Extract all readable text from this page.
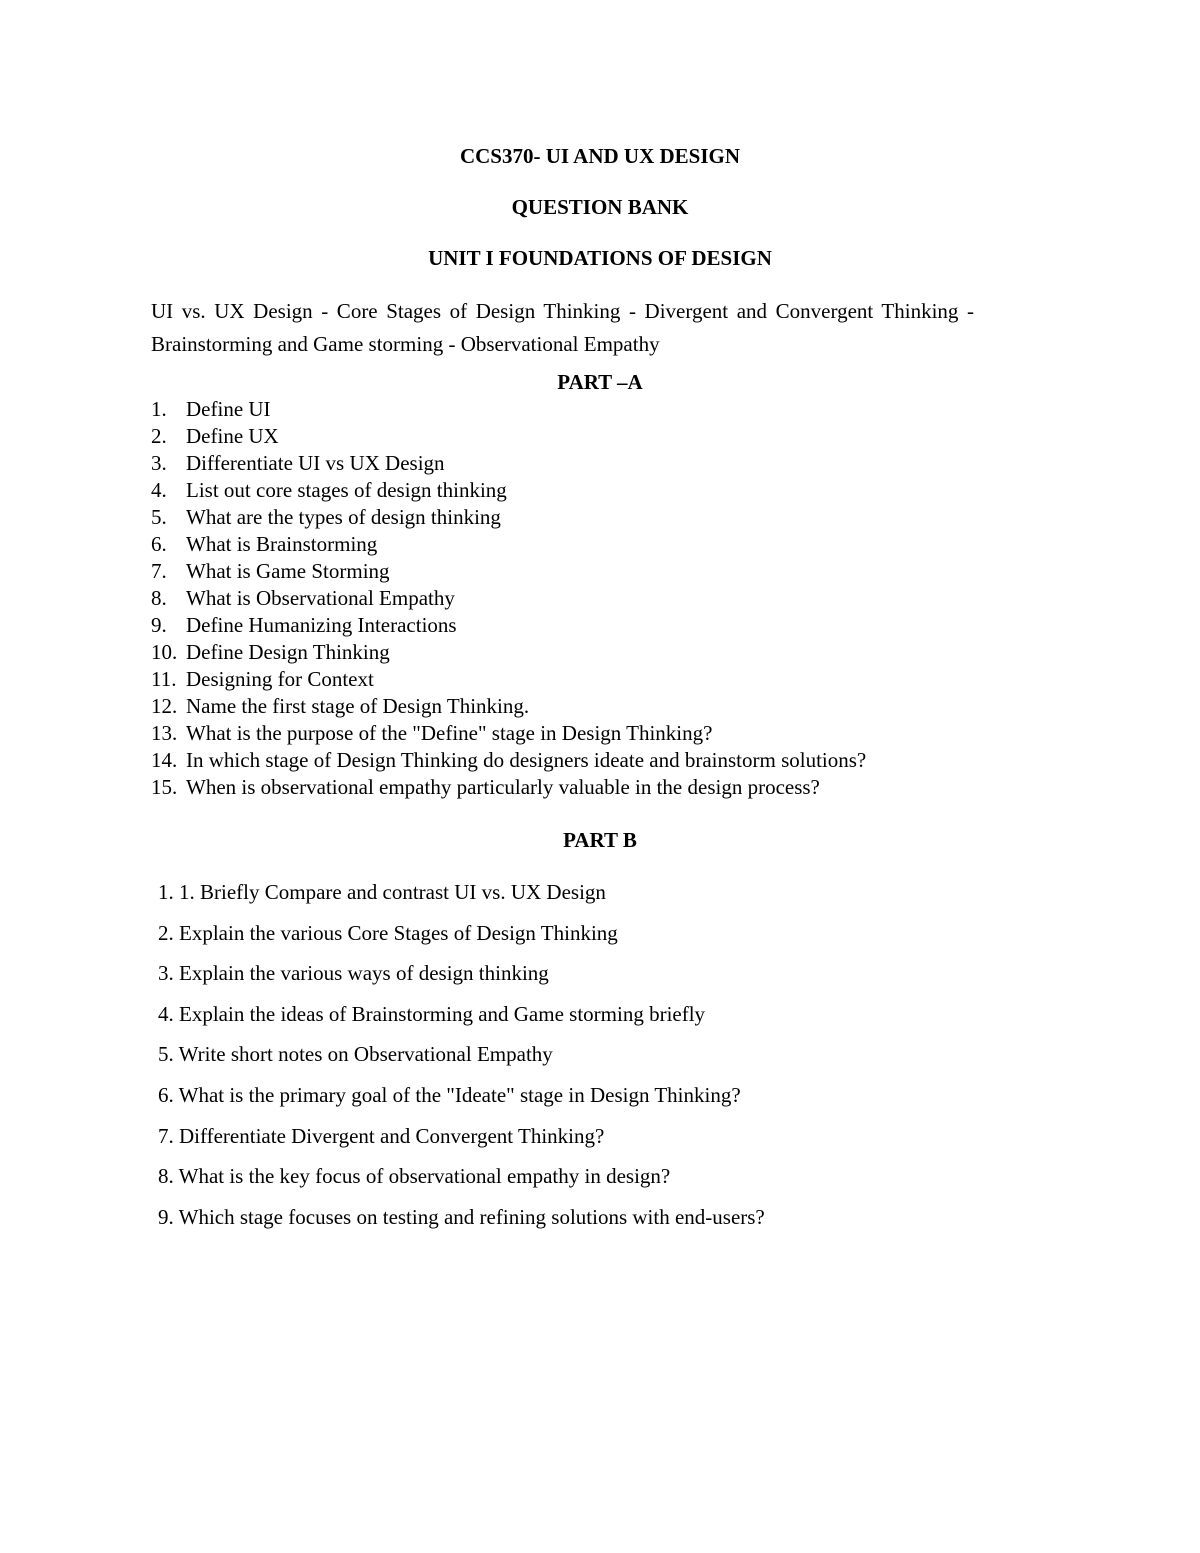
CCS370- UI AND UX DESIGN
QUESTION BANK
UNIT I FOUNDATIONS OF DESIGN

UI vs. UX Design - Core Stages of Design Thinking - Divergent and Convergent Thinking -Brainstorming and Game storming - Observational Empathy

PART –A
1. Define UI
2. Define UX
3. Differentiate UI vs UX Design
4. List out core stages of design thinking
5. What are the types of design thinking
6. What is Brainstorming
7. What is Game Storming
8. What is Observational Empathy
9. Define Humanizing Interactions
10. Define Design Thinking
11. Designing for Context
12. Name the first stage of Design Thinking.
13. What is the purpose of the "Define" stage in Design Thinking?
14. In which stage of Design Thinking do designers ideate and brainstorm solutions?
15. When is observational empathy particularly valuable in the design process?
PART B
1. 1. Briefly Compare and contrast UI vs. UX Design
2. Explain the various Core Stages of Design Thinking
3. Explain the various ways of design thinking
4. Explain the ideas of Brainstorming and Game storming briefly
5. Write short notes on Observational Empathy
6. What is the primary goal of the "Ideate" stage in Design Thinking?
7. Differentiate Divergent and Convergent Thinking?
8. What is the key focus of observational empathy in design?
9. Which stage focuses on testing and refining solutions with end-users?
